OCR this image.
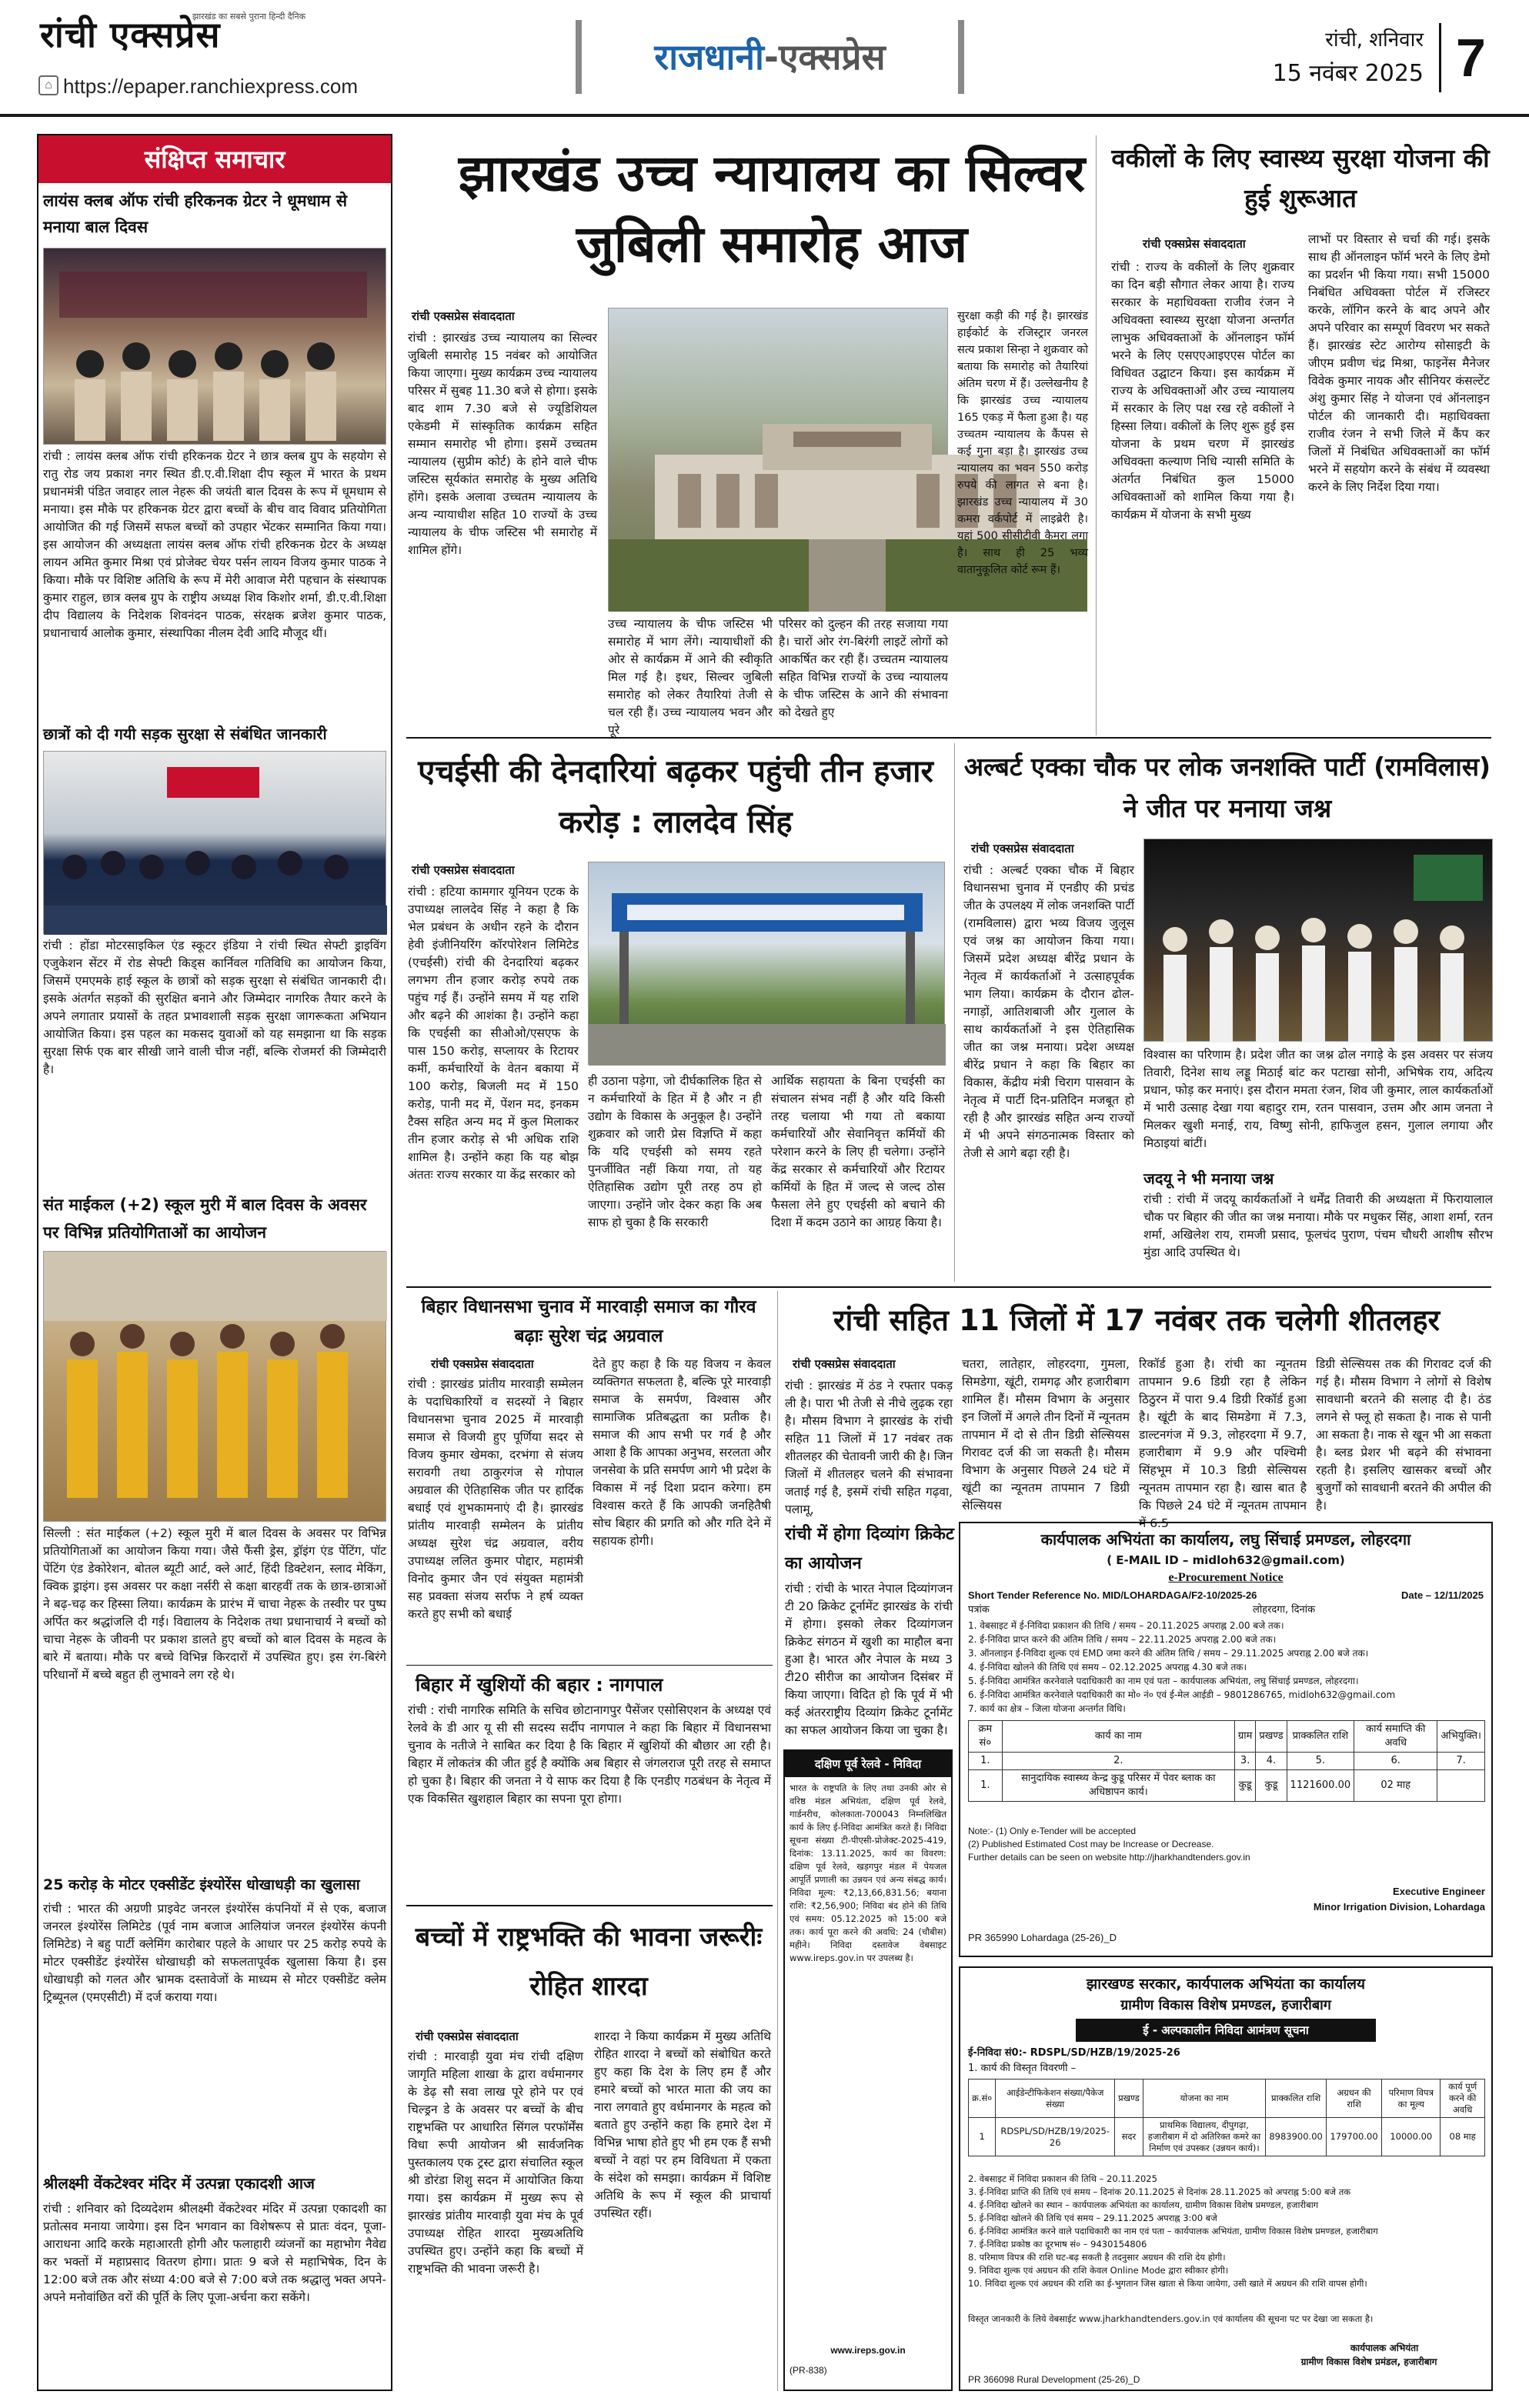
रांची एक्सप्रेस
झारखंड का सबसे पुराना हिन्दी दैनिक
⌂ https://epaper.ranchiexpress.com
राजधानी-एक्सप्रेस	रांची, शनिवार
15 नवंबर 2025 7
संक्षिप्त समाचार
लायंस क्लब ऑफ रांची हरिकनक ग्रेटर ने धूमधाम से मनाया बाल दिवस
रांची : लायंस क्लब ऑफ रांची हरिकनक ग्रेटर ने छात्र क्लब ग्रुप के सहयोग से रातु रोड जय प्रकाश नगर स्थित डी.ए.वी.शिक्षा दीप स्कूल में भारत के प्रथम प्रधानमंत्री पंडित जवाहर लाल नेहरू की जयंती बाल दिवस के रूप में धूमधाम से मनाया। इस मौके पर हरिकनक ग्रेटर द्वारा बच्चों के बीच वाद विवाद प्रतियोगिता आयोजित की गई जिसमें सफल बच्चों को उपहार भेंटकर सम्मानित किया गया। इस आयोजन की अध्यक्षता लायंस क्लब ऑफ रांची हरिकनक ग्रेटर के अध्यक्ष लायन अमित कुमार मिश्रा एवं प्रोजेक्ट चेयर पर्सन लायन विजय कुमार पाठक ने किया। मौके पर विशिष्ट अतिथि के रूप में मेरी आवाज मेरी पहचान के संस्थापक कुमार राहुल, छात्र क्लब ग्रुप के राष्ट्रीय अध्यक्ष शिव किशोर शर्मा, डी.ए.वी.शिक्षा दीप विद्यालय के निदेशक शिवनंदन पाठक, संरक्षक ब्रजेश कुमार पाठक, प्रधानाचार्य आलोक कुमार, संस्थापिका नीलम देवी आदि मौजूद थीं।
छात्रों को दी गयी सड़क सुरक्षा से संबंधित जानकारी
रांची : होंडा मोटरसाइकिल एंड स्कूटर इंडिया ने रांची स्थित सेफ्टी ड्राइविंग एजुकेशन सेंटर में रोड सेफ्टी किड्स कार्निवल गतिविधि का आयोजन किया, जिसमें एमएमके हाई स्कूल के छात्रों को सड़क सुरक्षा से संबंधित जानकारी दी। इसके अंतर्गत सड़कों की सुरक्षित बनाने और जिम्मेदार नागरिक तैयार करने के अपने लगातार प्रयासों के तहत प्रभावशाली सड़क सुरक्षा जागरूकता अभियान आयोजित किया। इस पहल का मकसद युवाओं को यह समझाना था कि सड़क सुरक्षा सिर्फ एक बार सीखी जाने वाली चीज नहीं, बल्कि रोजमर्रा की जिम्मेदारी है।
संत माईकल (+2) स्कूल मुरी में बाल दिवस के अवसर पर विभिन्न प्रतियोगिताओं का आयोजन
सिल्ली : संत माईकल (+2) स्कूल मुरी में बाल दिवस के अवसर पर विभिन्न प्रतियोगिताओं का आयोजन किया गया। जैसे फैंसी ड्रेस, ड्रॉइंग एंड पेंटिंग, पॉट पेंटिंग एंड डेकोरेशन, बोतल ब्यूटी आर्ट, क्ले आर्ट, हिंदी डिक्टेशन, स्लाद मेकिंग, क्विक ड्राइंग। इस अवसर पर कक्षा नर्सरी से कक्षा बारहवीं तक के छात्र-छात्राओं ने बढ़-चढ़ कर हिस्सा लिया। कार्यक्रम के प्रारंभ में चाचा नेहरू के तस्वीर पर पुष्प अर्पित कर श्रद्धांजलि दी गई। विद्यालय के निदेशक तथा प्रधानाचार्य ने बच्चों को चाचा नेहरू के जीवनी पर प्रकाश डालते हुए बच्चों को बाल दिवस के महत्व के बारे में बताया। मौके पर बच्चे विभिन्न किरदारों में उपस्थित हुए। इस रंग-बिरंगे परिधानों में बच्चे बहुत ही लुभावने लग रहे थे।
25 करोड़ के मोटर एक्सीडेंट इंश्योरेंस धोखाधड़ी का खुलासा
रांची : भारत की अग्रणी प्राइवेट जनरल इंश्योरेंस कंपनियों में से एक, बजाज जनरल इंश्योरेंस लिमिटेड (पूर्व नाम बजाज आलियांज जनरल इंश्योरेंस कंपनी लिमिटेड) ने बहु पार्टी क्लेमिंग कारोबार पहले के आधार पर 25 करोड़ रुपये के मोटर एक्सीडेंट इंश्योरेंस धोखाधड़ी को सफलतापूर्वक खुलासा किया है। इस धोखाधड़ी को गलत और भ्रामक दस्तावेजों के माध्यम से मोटर एक्सीडेंट क्लेम ट्रिब्यूनल (एमएसीटी) में दर्ज कराया गया।
श्रीलक्ष्मी वेंकटेश्वर मंदिर में उत्पन्ना एकादशी आज
रांची : शनिवार को दिव्यदेशम श्रीलक्ष्मी वेंकटेश्वर मंदिर में उत्पन्ना एकादशी का प्रतोत्सव मनाया जायेगा। इस दिन भगवान का विशेषरूप से प्रातः वंदन, पूजा-आराधना आदि करके महाआरती होगी और फलाहारी व्यंजनों का महाभोग नैवेद्य कर भक्तों में महाप्रसाद वितरण होगा। प्रातः 9 बजे से महाभिषेक, दिन के 12:00 बजे तक और संध्या 4:00 बजे से 7:00 बजे तक श्रद्धालु भक्त अपने-अपने मनोवांछित वरों की पूर्ति के लिए पूजा-अर्चना करा सकेंगे।
झारखंड उच्च न्यायालय का सिल्वर जुबिली समारोह आज
रांची एक्सप्रेस संवाददाता
रांची : झारखंड उच्च न्यायालय का सिल्वर जुबिली समारोह 15 नवंबर को आयोजित किया जाएगा। मुख्य कार्यक्रम उच्च न्यायालय परिसर में सुबह 11.30 बजे से होगा। इसके बाद शाम 7.30 बजे से ज्यूडिशियल एकेडमी में सांस्कृतिक कार्यक्रम सहित सम्मान समारोह भी होगा। इसमें उच्चतम न्यायालय (सुप्रीम कोर्ट) के होने वाले चीफ जस्टिस सूर्यकांत समारोह के मुख्य अतिथि होंगे। इसके अलावा उच्चतम न्यायालय के अन्य न्यायाधीश सहित 10 राज्यों के उच्च न्यायालय के चीफ जस्टिस भी समारोह में शामिल होंगे।
उच्च न्यायालय के चीफ जस्टिस भी समारोह में भाग लेंगे। न्यायाधीशों की ओर से कार्यक्रम में आने की स्वीकृति मिल गई है। इधर, सिल्वर जुबिली समारोह को लेकर तैयारियां तेजी से चल रही हैं। उच्च न्यायालय भवन और पूरे
परिसर को दुल्हन की तरह सजाया गया है। चारों ओर रंग-बिरंगी लाइटें लोगों को आकर्षित कर रही हैं। उच्चतम न्यायालय सहित विभिन्न राज्यों के उच्च न्यायालय के चीफ जस्टिस के आने की संभावना को देखते हुए
सुरक्षा कड़ी की गई है। झारखंड हाईकोर्ट के रजिस्ट्रार जनरल सत्य प्रकाश सिन्हा ने शुक्रवार को बताया कि समारोह को तैयारियां अंतिम चरण में हैं। उल्लेखनीय है कि झारखंड उच्च न्यायालय 165 एकड़ में फैला हुआ है। यह उच्चतम न्यायालय के कैंपस से कई गुना बड़ा है। झारखंड उच्च न्यायालय का भवन 550 करोड़ रुपये की लागत से बना है। झारखंड उच्च न्यायालय में 30 कमरा वर्कपोर्ट में लाइब्रेरी है। यहां 500 सीसीटीवी कैमरा लगा है। साथ ही 25 भव्य वातानुकूलित कोर्ट रूम हैं।
वकीलों के लिए स्वास्थ्य सुरक्षा योजना की हुई शुरूआत
रांची एक्सप्रेस संवाददाता
रांची : राज्य के वकीलों के लिए शुक्रवार का दिन बड़ी सौगात लेकर आया है। राज्य सरकार के महाधिवक्ता राजीव रंजन ने अधिवक्ता स्वास्थ्य सुरक्षा योजना अन्तर्गत लाभुक अधिवक्ताओं के ऑनलाइन फॉर्म भरने के लिए एसएएआइएएस पोर्टल का विधिवत उद्घाटन किया। इस कार्यक्रम में राज्य के अधिवक्ताओं और उच्च न्यायालय में सरकार के लिए पक्ष रख रहे वकीलों ने हिस्सा लिया। वकीलों के लिए शुरू हुई इस योजना के प्रथम चरण में झारखंड अधिवक्ता कल्याण निधि न्यासी समिति के अंतर्गत निबंधित कुल 15000 अधिवक्ताओं को शामिल किया गया है। कार्यक्रम में योजना के सभी मुख्य
लाभों पर विस्तार से चर्चा की गई। इसके साथ ही ऑनलाइन फॉर्म भरने के लिए डेमो का प्रदर्शन भी किया गया। सभी 15000 निबंधित अधिवक्ता पोर्टल में रजिस्टर करके, लॉगिन करने के बाद अपने और अपने परिवार का सम्पूर्ण विवरण भर सकते हैं। झारखंड स्टेट आरोग्य सोसाइटी के जीएम प्रवीण चंद्र मिश्रा, फाइनेंस मैनेजर विवेक कुमार नायक और सीनियर कंसल्टेंट अंशु कुमार सिंह ने योजना एवं ऑनलाइन पोर्टल की जानकारी दी। महाधिवक्ता राजीव रंजन ने सभी जिले में कैंप कर जिलों में निबंधित अधिवक्ताओं का फॉर्म भरने में सहयोग करने के संबंध में व्यवस्था करने के लिए निर्देश दिया गया।
एचईसी की देनदारियां बढ़कर पहुंची तीन हजार करोड़ : लालदेव सिंह
रांची एक्सप्रेस संवाददाता
रांची : हटिया कामगार यूनियन एटक के उपाध्यक्ष लालदेव सिंह ने कहा है कि भेल प्रबंधन के अधीन रहने के दौरान हेवी इंजीनियरिंग कॉरपोरेशन लिमिटेड (एचईसी) रांची की देनदारियां बढ़कर लगभग तीन हजार करोड़ रुपये तक पहुंच गई हैं। उन्होंने समय में यह राशि और बढ़ने की आशंका है। उन्होंने कहा कि एचईसी का सीओओ/एसएफ के पास 150 करोड़, सप्लायर के रिटायर कर्मी, कर्मचारियों के वेतन बकाया में 100 करोड़, बिजली मद में 150 करोड़, पानी मद में, पेंशन मद, इनकम टैक्स सहित अन्य मद में कुल मिलाकर तीन हजार करोड़ से भी अधिक राशि शामिल है। उन्होंने कहा कि यह बोझ अंततः राज्य सरकार या केंद्र सरकार को
ही उठाना पड़ेगा, जो दीर्घकालिक हित से न कर्मचारियों के हित में है और न ही उद्योग के विकास के अनुकूल है। उन्होंने शुक्रवार को जारी प्रेस विज्ञप्ति में कहा कि यदि एचईसी को समय रहते पुनर्जीवित नहीं किया गया, तो यह ऐतिहासिक उद्योग पूरी तरह ठप हो जाएगा। उन्होंने जोर देकर कहा कि अब साफ हो चुका है कि सरकारी
आर्थिक सहायता के बिना एचईसी का संचालन संभव नहीं है और यदि किसी तरह चलाया भी गया तो बकाया कर्मचारियों और सेवानिवृत्त कर्मियों की परेशान करने के लिए ही चलेगा। उन्होंने केंद्र सरकार से कर्मचारियों और रिटायर कर्मियों के हित में जल्द से जल्द ठोस फैसला लेने हुए एचईसी को बचाने की दिशा में कदम उठाने का आग्रह किया है।
अल्बर्ट एक्का चौक पर लोक जनशक्ति पार्टी (रामविलास) ने जीत पर मनाया जश्न
रांची एक्सप्रेस संवाददाता
रांची : अल्बर्ट एक्का चौक में बिहार विधानसभा चुनाव में एनडीए की प्रचंड जीत के उपलक्ष्य में लोक जनशक्ति पार्टी (रामविलास) द्वारा भव्य विजय जुलूस एवं जश्न का आयोजन किया गया। जिसमें प्रदेश अध्यक्ष बीरेंद्र प्रधान के नेतृत्व में कार्यकर्ताओं ने उत्साहपूर्वक भाग लिया। कार्यक्रम के दौरान ढोल-नगाड़ों, आतिशबाजी और गुलाल के साथ कार्यकर्ताओं ने इस ऐतिहासिक जीत का जश्न मनाया। प्रदेश अध्यक्ष बीरेंद्र प्रधान ने कहा कि बिहार का विकास, केंद्रीय मंत्री चिराग पासवान के नेतृत्व में पार्टी दिन-प्रतिदिन मजबूत हो रही है और झारखंड सहित अन्य राज्यों में भी अपने संगठनात्मक विस्तार को तेजी से आगे बढ़ा रही है।
विश्वास का परिणाम है। प्रदेश जीत का जश्न ढोल नगाड़े के इस अवसर पर संजय तिवारी, दिनेश साथ लड्डू मिठाई बांट कर पटाखा सोनी, अभिषेक राय, अदित्य प्रधान, फोड़ कर मनाएं। इस दौरान ममता रंजन, शिव जी कुमार, लाल कार्यकर्ताओं में भारी उत्साह देखा गया बहादुर राम, रतन पासवान, उत्तम और आम जनता ने मिलकर खुशी मनाई, राय, विष्णु सोनी, हाफिजुल हसन, गुलाल लगाया और मिठाइयां बांटीं।
जदयू ने भी मनाया जश्न
रांची : रांची में जदयू कार्यकर्ताओं ने धर्मेंद्र तिवारी की अध्यक्षता में फिरायालाल चौक पर बिहार की जीत का जश्न मनाया। मौके पर मधुकर सिंह, आशा शर्मा, रतन शर्मा, अखिलेश राय, रामजी प्रसाद, फूलचंद पुराण, पंचम चौधरी आशीष सौरभ मुंडा आदि उपस्थित थे।
बिहार विधानसभा चुनाव में मारवाड़ी समाज का गौरव बढ़ाः सुरेश चंद्र अग्रवाल
रांची एक्सप्रेस संवाददाता
रांची : झारखंड प्रांतीय मारवाड़ी सम्मेलन के पदाधिकारियों व सदस्यों ने बिहार विधानसभा चुनाव 2025 में मारवाड़ी समाज से विजयी हुए पूर्णिया सदर से विजय कुमार खेमका, दरभंगा से संजय सरावगी तथा ठाकुरगंज से गोपाल अग्रवाल की ऐतिहासिक जीत पर हार्दिक बधाई एवं शुभकामनाएं दी है। झारखंड प्रांतीय मारवाड़ी सम्मेलन के प्रांतीय अध्यक्ष सुरेश चंद्र अग्रवाल, वरीय उपाध्यक्ष ललित कुमार पोद्दार, महामंत्री विनोद कुमार जैन एवं संयुक्त महामंत्री सह प्रवक्ता संजय सर्राफ ने हर्ष व्यक्त करते हुए सभी को बधाई
देते हुए कहा है कि यह विजय न केवल व्यक्तिगत सफलता है, बल्कि पूरे मारवाड़ी समाज के समर्पण, विश्वास और सामाजिक प्रतिबद्धता का प्रतीक है। समाज की आप सभी पर गर्व है और आशा है कि आपका अनुभव, सरलता और जनसेवा के प्रति समर्पण आगे भी प्रदेश के विकास में नई दिशा प्रदान करेगा। हम विश्वास करते हैं कि आपकी जनहितैषी सोच बिहार की प्रगति को और गति देने में सहायक होगी।
बिहार में खुशियों की बहार : नागपाल
रांची : रांची नागरिक समिति के सचिव छोटानागपुर पैसेंजर एसोसिएशन के अध्यक्ष एवं रेलवे के डी आर यू सी सी सदस्य सर्दीप नागपाल ने कहा कि बिहार में विधानसभा चुनाव के नतीजे ने साबित कर दिया है कि बिहार में खुशियों की बौछार आ रही है। बिहार में लोकतंत्र की जीत हुई है क्योंकि अब बिहार से जंगलराज पूरी तरह से समाप्त हो चुका है। बिहार की जनता ने ये साफ कर दिया है कि एनडीए गठबंधन के नेतृत्व में एक विकसित खुशहाल बिहार का सपना पूरा होगा।
बच्चों में राष्ट्रभक्ति की भावना जरूरीः रोहित शारदा
रांची एक्सप्रेस संवाददाता
रांची : मारवाड़ी युवा मंच रांची दक्षिण जागृति महिला शाखा के द्वारा वर्धमानगर के डेढ़ सौ सवा लाख पूरे होने पर एवं चिल्ड्रन डे के अवसर पर बच्चों के बीच राष्ट्रभक्ति पर आधारित सिंगल परफॉर्मेंस विधा रूपी आयोजन श्री सार्वजनिक पुस्तकालय एक ट्रस्ट द्वारा संचालित स्कूल श्री डोरंडा शिशु सदन में आयोजित किया गया। इस कार्यक्रम में मुख्य रूप से झारखंड प्रांतीय मारवाड़ी युवा मंच के पूर्व उपाध्यक्ष रोहित शारदा मुख्यअतिथि उपस्थित हुए। उन्होंने कहा कि बच्चों में राष्ट्रभक्ति की भावना जरूरी है।
शारदा ने किया कार्यक्रम में मुख्य अतिथि रोहित शारदा ने बच्चों को संबोधित करते हुए कहा कि देश के लिए हम हैं और हमारे बच्चों को भारत माता की जय का नारा लगवाते हुए वर्धमानगर के महत्व को बताते हुए उन्होंने कहा कि हमारे देश में विभिन्न भाषा होते हुए भी हम एक हैं सभी बच्चों ने वहां पर हम विविधता में एकता के संदेश को समझा। कार्यक्रम में विशिष्ट अतिथि के रूप में स्कूल की प्राचार्या उपस्थित रहीं।
रांची सहित 11 जिलों में 17 नवंबर तक चलेगी शीतलहर
रांची एक्सप्रेस संवाददाता
रांची : झारखंड में ठंड ने रफ्तार पकड़ ली है। पारा भी तेजी से नीचे लुढ़क रहा है। मौसम विभाग ने झारखंड के रांची सहित 11 जिलों में 17 नवंबर तक शीतलहर की चेतावनी जारी की है। जिन जिलों में शीतलहर चलने की संभावना जताई गई है, इसमें रांची सहित गढ़वा, पलामू,
चतरा, लातेहार, लोहरदगा, गुमला, सिमडेगा, खूंटी, रामगढ़ और हजारीबाग शामिल हैं। मौसम विभाग के अनुसार इन जिलों में अगले तीन दिनों में न्यूनतम तापमान में दो से तीन डिग्री सेल्सियस गिरावट दर्ज की जा सकती है। मौसम विभाग के अनुसार पिछले 24 घंटे में खूंटी का न्यूनतम तापमान 7 डिग्री सेल्सियस
रिकॉर्ड हुआ है। रांची का न्यूनतम तापमान 9.6 डिग्री रहा है लेकिन ठिठुरन में पारा 9.4 डिग्री रिकॉर्ड हुआ है। खूंटी के बाद सिमडेगा में 7.3, डाल्टनगंज में 9.3, लोहरदगा में 9.7, हजारीबाग में 9.9 और पश्चिमी सिंहभूम में 10.3 डिग्री सेल्सियस न्यूनतम तापमान रहा है। खास बात है कि पिछले 24 घंटे में न्यूनतम तापमान में 6.5
डिग्री सेल्सियस तक की गिरावट दर्ज की गई है। मौसम विभाग ने लोगों से विशेष सावधानी बरतने की सलाह दी है। ठंड लगने से फ्लू हो सकता है। नाक से पानी आ सकता है। नाक से खून भी आ सकता है। ब्लड प्रेशर भी बढ़ने की संभावना रहती है। इसलिए खासकर बच्चों और बुजुर्गों को सावधानी बरतने की अपील की है।
रांची में होगा दिव्यांग क्रिकेट का आयोजन
रांची : रांची के भारत नेपाल दिव्यांगजन टी 20 क्रिकेट टूर्नामेंट झारखंड के रांची में होगा। इसको लेकर दिव्यांगजन क्रिकेट संगठन में खुशी का माहौल बना हुआ है। भारत और नेपाल के मध्य 3 टी20 सीरीज का आयोजन दिसंबर में किया जाएगा। विदित हो कि पूर्व में भी कई अंतरराष्ट्रीय दिव्यांग क्रिकेट टूर्नामेंट का सफल आयोजन किया जा चुका है।
कार्यपालक अभियंता का कार्यालय, लघु सिंचाई प्रमण्डल, लोहरदगा
( E-MAIL ID – midloh632@gmail.com)
e-Procurement Notice
Short Tender Reference No. MID/LOHARDAGA/F2-10/2025-26	Date – 12/11/2025
पत्रांक	लोहरदगा, दिनांक
1. वेबसाइट में ई-निविदा प्रकाशन की तिथि / समय – 20.11.2025 अपराह्न 2.00 बजे तक।
2. ई-निविदा प्राप्त करने की अंतिम तिथि / समय – 22.11.2025 अपराह्न 2.00 बजे तक।
3. ऑनलाइन ई-निविदा शुल्क एवं EMD जमा करने की अंतिम तिथि / समय – 29.11.2025 अपराह्न 2.00 बजे तक।
4. ई-निविदा खोलने की तिथि एवं समय – 02.12.2025 अपराह्न 4.30 बजे तक।
5. ई-निविदा आमंत्रित करनेवाले पदाधिकारी का नाम एवं पता – कार्यपालक अभियंता, लघु सिंचाई प्रमण्डल, लोहरदगा।
6. ई-निविदा आमंत्रित करनेवाले पदाधिकारी का मो० नं० एवं ई-मेल आईडी – 9801286765, midloh632@gmail.com
7. कार्य का क्षेत्र – जिला योजना अन्तर्गत विधि।
क्रम सं०	कार्य का नाम	ग्राम	प्रखण्ड	प्राक्कलित राशि	कार्य समाप्ति की अवधि	अभियुक्ति।
1.	2.	3.	4.	5.	6.	7.
1.	सानुदायिक स्वास्थ्य केन्द्र कुडू परिसर में पेवर ब्लाक का अधिष्ठापन कार्य।	कुडू	कुडू	1121600.00	02 माह	
Note:- (1) Only e-Tender will be accepted
(2) Published Estimated Cost may be Increase or Decrease.
Further details can be seen on website http://jharkhandtenders.gov.in
Executive Engineer
Minor Irrigation Division, Lohardaga
PR 365990 Lohardaga (25-26)_D
दक्षिण पूर्व रेलवे - निविदा
भारत के राष्ट्रपति के लिए तथा उनकी ओर से वरिष्ठ मंडल अभियंता, दक्षिण पूर्व रेलवे, गार्डनरीच, कोलकाता-700043 निम्नलिखित कार्य के लिए ई-निविदा आमंत्रित करते हैं। निविदा सूचना संख्या टी-पीएसी-प्रोजेक्ट-2025-419, दिनांक: 13.11.2025, कार्य का विवरण: दक्षिण पूर्व रेलवे, खड़गपुर मंडल में पेयजल आपूर्ति प्रणाली का उन्नयन एवं अन्य संबद्ध कार्य। निविदा मूल्य: ₹2,13,66,831.56; बयाना राशि: ₹2,56,900; निविदा बंद होने की तिथि एवं समय: 05.12.2025 को 15:00 बजे तक। कार्य पूरा करने की अवधि: 24 (चौबीस) महीने। निविदा दस्तावेज वेबसाइट www.ireps.gov.in पर उपलब्ध है।
www.ireps.gov.in
(PR-838)
झारखण्ड सरकार, कार्यपालक अभियंता का कार्यालय
ग्रामीण विकास विशेष प्रमण्डल, हजारीबाग
ई - अल्पकालीन निविदा आमंत्रण सूचना
ई-निविदा सं0:- RDSPL/SD/HZB/19/2025-26
1. कार्य की विस्तृत विवरणी –
क्र.सं०	आईडेन्टीफिकेशन संख्या/पैकेज संख्या	प्रखण्ड	योजना का नाम	प्राक्कलित राशि	अग्रधन की राशि	परिमाण विपत्र का मूल्य	कार्य पूर्ण करने की अवधि
1	RDSPL/SD/HZB/19/2025-26	सदर	प्राथमिक विद्यालय, दीपुगढ़ा, हजारीबाग में दो अतिरिक्त कमरे का निर्माण एवं उपस्कर (उन्नयन कार्य)।	8983900.00	179700.00	10000.00	08 माह
2. वेबसाइट में निविदा प्रकाशन की तिथि – 20.11.2025
3. ई-निविदा प्राप्ति की तिथि एवं समय – दिनांक 20.11.2025 से दिनांक 28.11.2025 को अपराह्न 5:00 बजे तक
4. ई-निविदा खोलने का स्थान – कार्यपालक अभियंता का कार्यालय, ग्रामीण विकास विशेष प्रमण्डल, हजारीबाग
5. ई-निविदा खोलने की तिथि एवं समय – 29.11.2025 अपराह्न 3:00 बजे
6. ई-निविदा आमंत्रित करने वाले पदाधिकारी का नाम एवं पता – कार्यपालक अभियंता, ग्रामीण विकास विशेष प्रमण्डल, हजारीबाग
7. ई-निविदा प्रकोष्ठ का दूरभाष सं० – 9430154806
8. परिमाण विपत्र की राशि घट-बढ़ सकती है तदनुसार अग्रधन की राशि देय होगी।
9. निविदा शुल्क एवं अग्रधन की राशि केवल Online Mode द्वारा स्वीकार होगी।
10. निविदा शुल्क एवं अग्रधन की राशि का ई-भुगतान जिस खाता से किया जायेगा, उसी खाते में अग्रधन की राशि वापस होगी।
विस्तृत जानकारी के लिये वेबसाईट www.jharkhandtenders.gov.in एवं कार्यालय की सूचना पट पर देखा जा सकता है।
कार्यपालक अभियंता
ग्रामीण विकास विशेष प्रमंडल, हजारीबाग
PR 366098 Rural Development (25-26)_D
